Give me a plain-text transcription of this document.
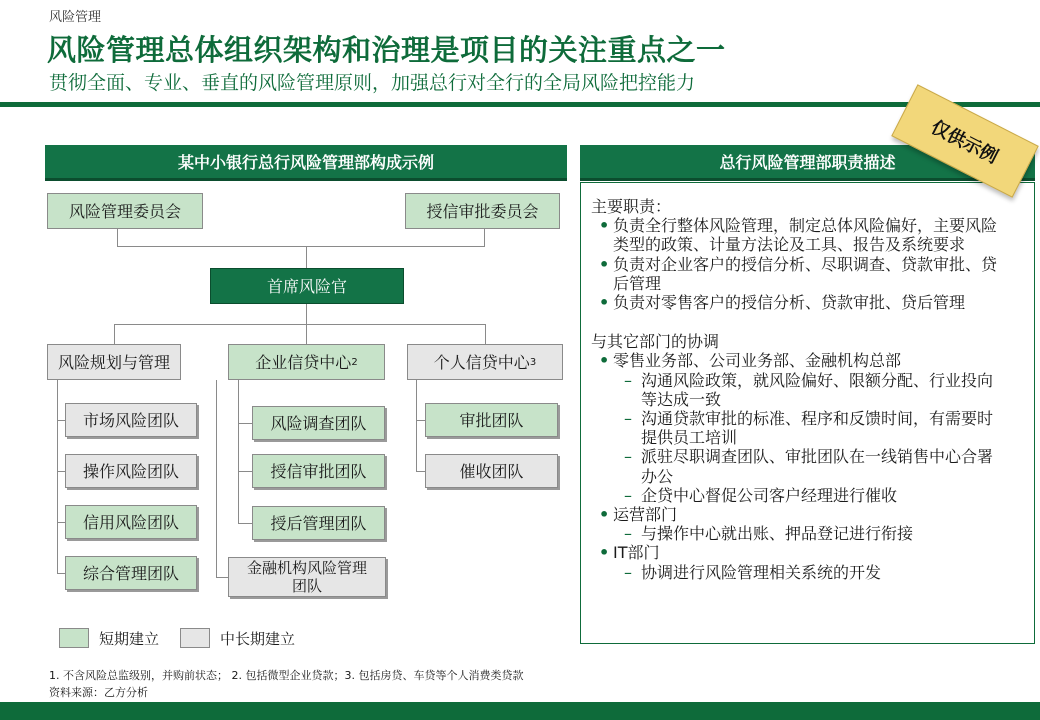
风险管理
风险管理总体组织架构和治理是项目的关注重点之一
贯彻全面、专业、垂直的风险管理原则，加强总行对全行的全局风险把控能力
某中小银行总行风险管理部构成示例	总行风险管理部职责描述
风险管理委员会	授信审批委员会
首席风险官
风险规划与管理	企业信贷中心 2	个人信贷中心 3
市场风险团队
操作风险团队
信用风险团队
综合管理团队
风险调查团队
授信审批团队
授后管理团队
金融机构风险管理团队
审批团队
催收团队
短期建立	中长期建立
主要职责：
• 负责全行整体风险管理，制定总体风险偏好，主要风险类型的政策、计量方法论及工具、报告及系统要求
• 负责对企业客户的授信分析、尽职调查、贷款审批、贷后管理
• 负责对零售客户的授信分析、贷款审批、贷后管理
与其它部门的协调
• 零售业务部、公司业务部、金融机构总部
– 沟通风险政策，就风险偏好、限额分配、行业投向等达成一致
– 沟通贷款审批的标准、程序和反馈时间，有需要时提供员工培训
– 派驻尽职调查团队、审批团队在一线销售中心合署办公
– 企贷中心督促公司客户经理进行催收
• 运营部门
– 与操作中心就出账、押品登记进行衔接
• IT部门
– 协调进行风险管理相关系统的开发
仅供示例
1. 不含风险总监级别，并购前状态； 2. 包括微型企业贷款；3. 包括房贷、车贷等个人消费类贷款
资料来源：乙方分析
